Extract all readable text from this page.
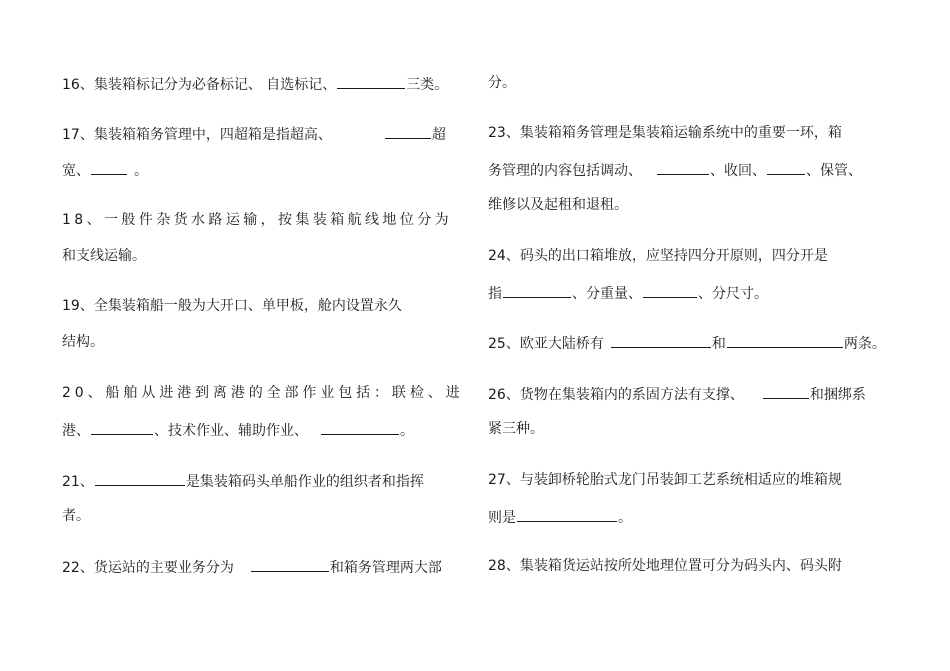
16、集装箱标记分为必备标记、 自选标记、	三类。
17、集装箱箱务管理中，四超箱是指超高、	超
宽、	。
18、一般件杂货水路运输，按集装箱航线地位分为
和支线运输。
19、全集装箱船一般为大开口、单甲板，舱内设置永久
结构。
20、船舶从进港到离港的全部作业包括：联检、进
港、	、技术作业、辅助作业、	。
21、	是集装箱码头单船作业的组织者和指挥
者。
22、货运站的主要业务分为	和箱务管理两大部
分。
23、集装箱箱务管理是集装箱运输系统中的重要一环，箱
务管理的内容包括调动、	、收回、	、保管、
维修以及起租和退租。
24、码头的出口箱堆放，应坚持四分开原则，四分开是
指	、分重量、	、分尺寸。
25、欧亚大陆桥有	和	两条。
26、货物在集装箱内的系固方法有支撑、	和捆绑系
紧三种。
27、与装卸桥轮胎式龙门吊装卸工艺系统相适应的堆箱规
则是	。
28、集装箱货运站按所处地理位置可分为码头内、码头附
